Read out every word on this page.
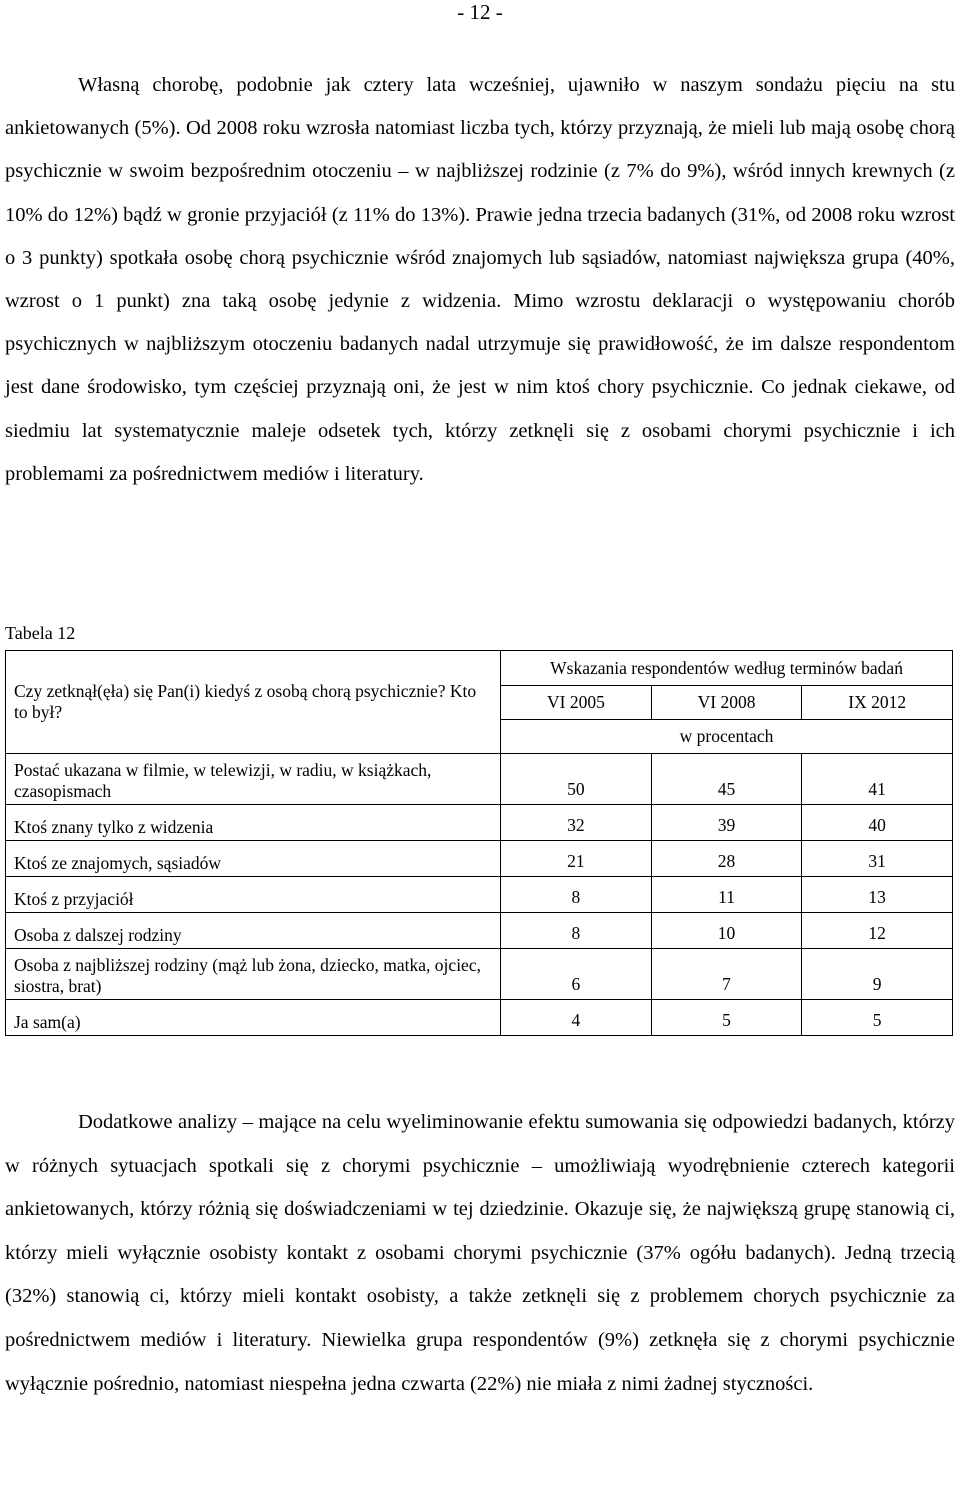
- 12 -

Własną chorobę, podobnie jak cztery lata wcześniej, ujawniło w naszym sondażu pięciu na stu ankietowanych (5%). Od 2008 roku wzrosła natomiast liczba tych, którzy przyznają, że mieli lub mają osobę chorą psychicznie w swoim bezpośrednim otoczeniu – w najbliższej rodzinie (z 7% do 9%), wśród innych krewnych (z 10% do 12%) bądź w gronie przyjaciół (z 11% do 13%). Prawie jedna trzecia badanych (31%, od 2008 roku wzrost o 3 punkty) spotkała osobę chorą psychicznie wśród znajomych lub sąsiadów, natomiast największa grupa (40%, wzrost o 1 punkt) zna taką osobę jedynie z widzenia. Mimo wzrostu deklaracji o występowaniu chorób psychicznych w najbliższym otoczeniu badanych nadal utrzymuje się prawidłowość, że im dalsze respondentom jest dane środowisko, tym częściej przyznają oni, że jest w nim ktoś chory psychicznie. Co jednak ciekawe, od siedmiu lat systematycznie maleje odsetek tych, którzy zetknęli się z osobami chorymi psychicznie i ich problemami za pośrednictwem mediów i literatury.

Tabela 12
Czy zetknął(ęła) się Pan(i) kiedyś z osobą chorą psychicznie? Kto to był?	Wskazania respondentów według terminów badań		
	VI 2005	VI 2008	IX 2012
	w procentach		
Postać ukazana w filmie, w telewizji, w radiu, w książkach, czasopismach	50	45	41
Ktoś znany tylko z widzenia	32	39	40
Ktoś ze znajomych, sąsiadów	21	28	31
Ktoś z przyjaciół	8	11	13
Osoba z dalszej rodziny	8	10	12
Osoba z najbliższej rodziny (mąż lub żona, dziecko, matka, ojciec, siostra, brat)	6	7	9
Ja sam(a)	4	5	5

Dodatkowe analizy – mające na celu wyeliminowanie efektu sumowania się odpowiedzi badanych, którzy w różnych sytuacjach spotkali się z chorymi psychicznie – umożliwiają wyodrębnienie czterech kategorii ankietowanych, którzy różnią się doświadczeniami w tej dziedzinie. Okazuje się, że największą grupę stanowią ci, którzy mieli wyłącznie osobisty kontakt z osobami chorymi psychicznie (37% ogółu badanych). Jedną trzecią (32%) stanowią ci, którzy mieli kontakt osobisty, a także zetknęli się z problemem chorych psychicznie za pośrednictwem mediów i literatury. Niewielka grupa respondentów (9%) zetknęła się z chorymi psychicznie wyłącznie pośrednio, natomiast niespełna jedna czwarta (22%) nie miała z nimi żadnej styczności.
